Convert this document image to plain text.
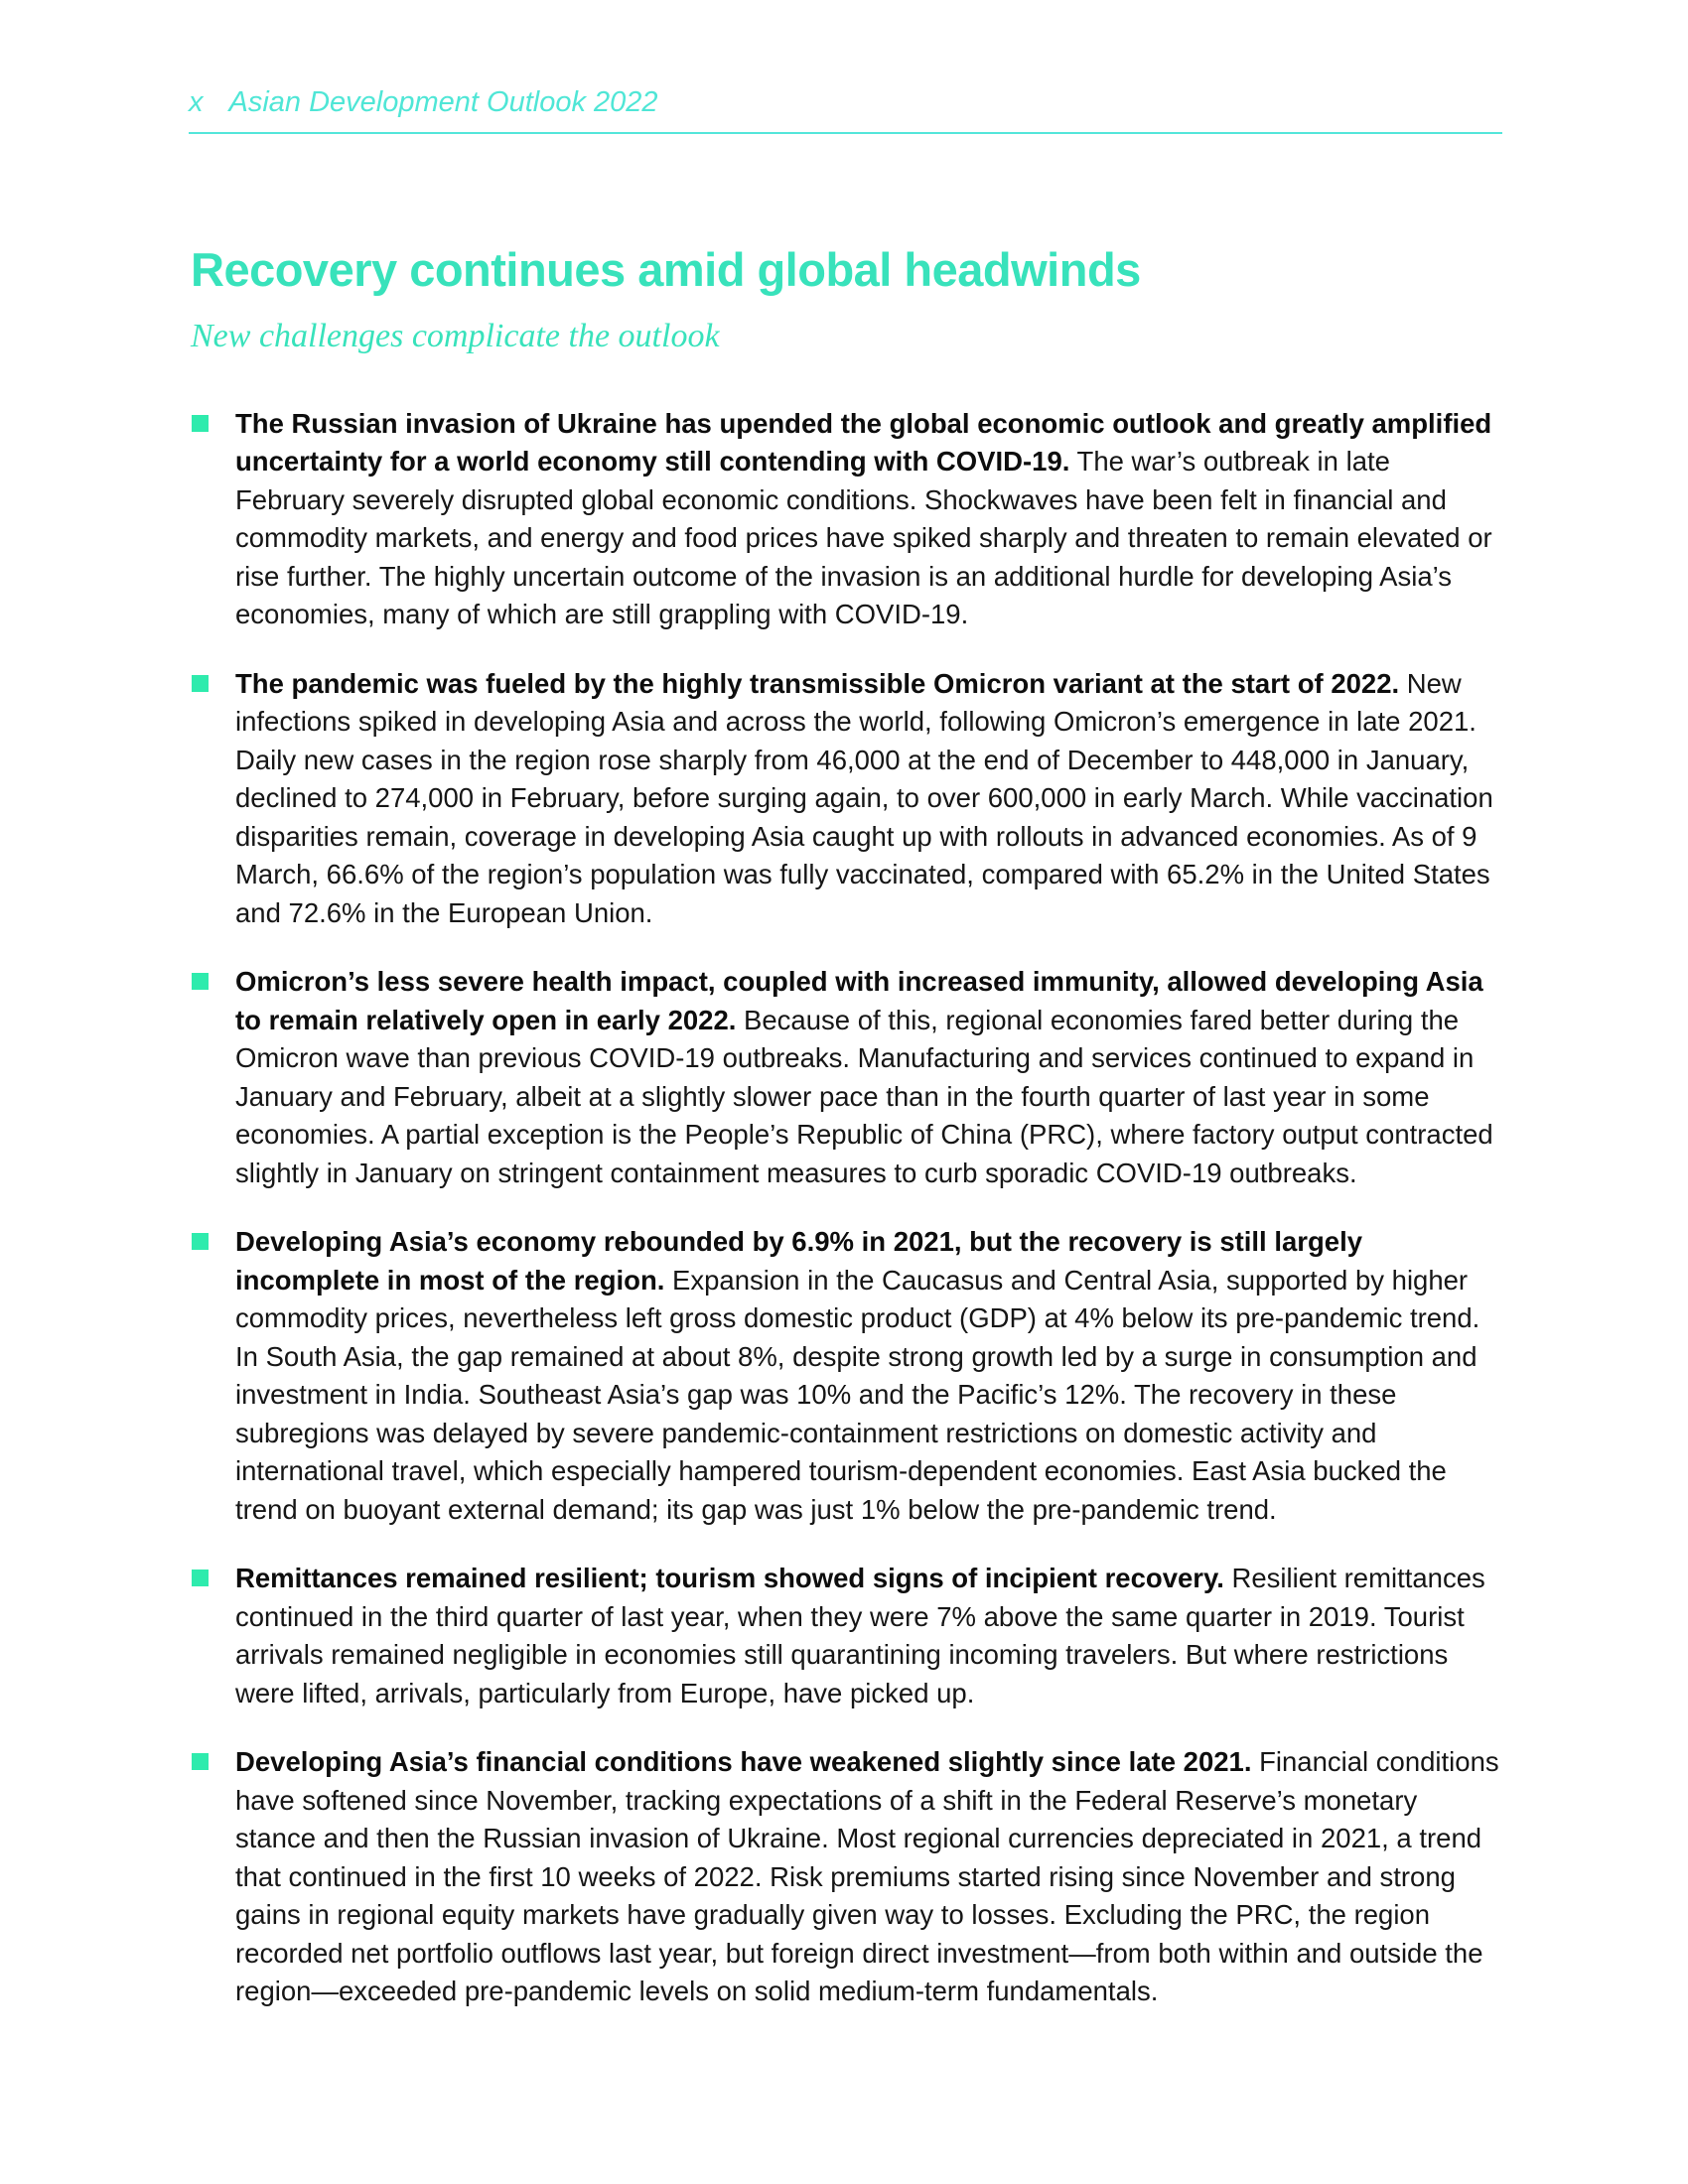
x Asian Development Outlook 2022
Recovery continues amid global headwinds
New challenges complicate the outlook

The Russian invasion of Ukraine has upended the global economic outlook and greatly amplified uncertainty for a world economy still contending with COVID-19. The war’s outbreak in late February severely disrupted global economic conditions. Shockwaves have been felt in financial and commodity markets, and energy and food prices have spiked sharply and threaten to remain elevated or rise further. The highly uncertain outcome of the invasion is an additional hurdle for developing Asia’s economies, many of which are still grappling with COVID-19.

The pandemic was fueled by the highly transmissible Omicron variant at the start of 2022. New infections spiked in developing Asia and across the world, following Omicron’s emergence in late 2021. Daily new cases in the region rose sharply from 46,000 at the end of December to 448,000 in January, declined to 274,000 in February, before surging again, to over 600,000 in early March. While vaccination disparities remain, coverage in developing Asia caught up with rollouts in advanced economies. As of 9 March, 66.6% of the region’s population was fully vaccinated, compared with 65.2% in the United States and 72.6% in the European Union.

Omicron’s less severe health impact, coupled with increased immunity, allowed developing Asia to remain relatively open in early 2022. Because of this, regional economies fared better during the Omicron wave than previous COVID-19 outbreaks. Manufacturing and services continued to expand in January and February, albeit at a slightly slower pace than in the fourth quarter of last year in some economies. A partial exception is the People’s Republic of China (PRC), where factory output contracted slightly in January on stringent containment measures to curb sporadic COVID-19 outbreaks.

Developing Asia’s economy rebounded by 6.9% in 2021, but the recovery is still largely incomplete in most of the region. Expansion in the Caucasus and Central Asia, supported by higher commodity prices, nevertheless left gross domestic product (GDP) at 4% below its pre-pandemic trend. In South Asia, the gap remained at about 8%, despite strong growth led by a surge in consumption and investment in India. Southeast Asia’s gap was 10% and the Pacific’s 12%. The recovery in these subregions was delayed by severe pandemic-containment restrictions on domestic activity and international travel, which especially hampered tourism-dependent economies. East Asia bucked the trend on buoyant external demand; its gap was just 1% below the pre-pandemic trend.

Remittances remained resilient; tourism showed signs of incipient recovery. Resilient remittances continued in the third quarter of last year, when they were 7% above the same quarter in 2019. Tourist arrivals remained negligible in economies still quarantining incoming travelers. But where restrictions were lifted, arrivals, particularly from Europe, have picked up.

Developing Asia’s financial conditions have weakened slightly since late 2021. Financial conditions have softened since November, tracking expectations of a shift in the Federal Reserve’s monetary stance and then the Russian invasion of Ukraine. Most regional currencies depreciated in 2021, a trend that continued in the first 10 weeks of 2022. Risk premiums started rising since November and strong gains in regional equity markets have gradually given way to losses. Excluding the PRC, the region recorded net portfolio outflows last year, but foreign direct investment—from both within and outside the region—exceeded pre-pandemic levels on solid medium-term fundamentals.
